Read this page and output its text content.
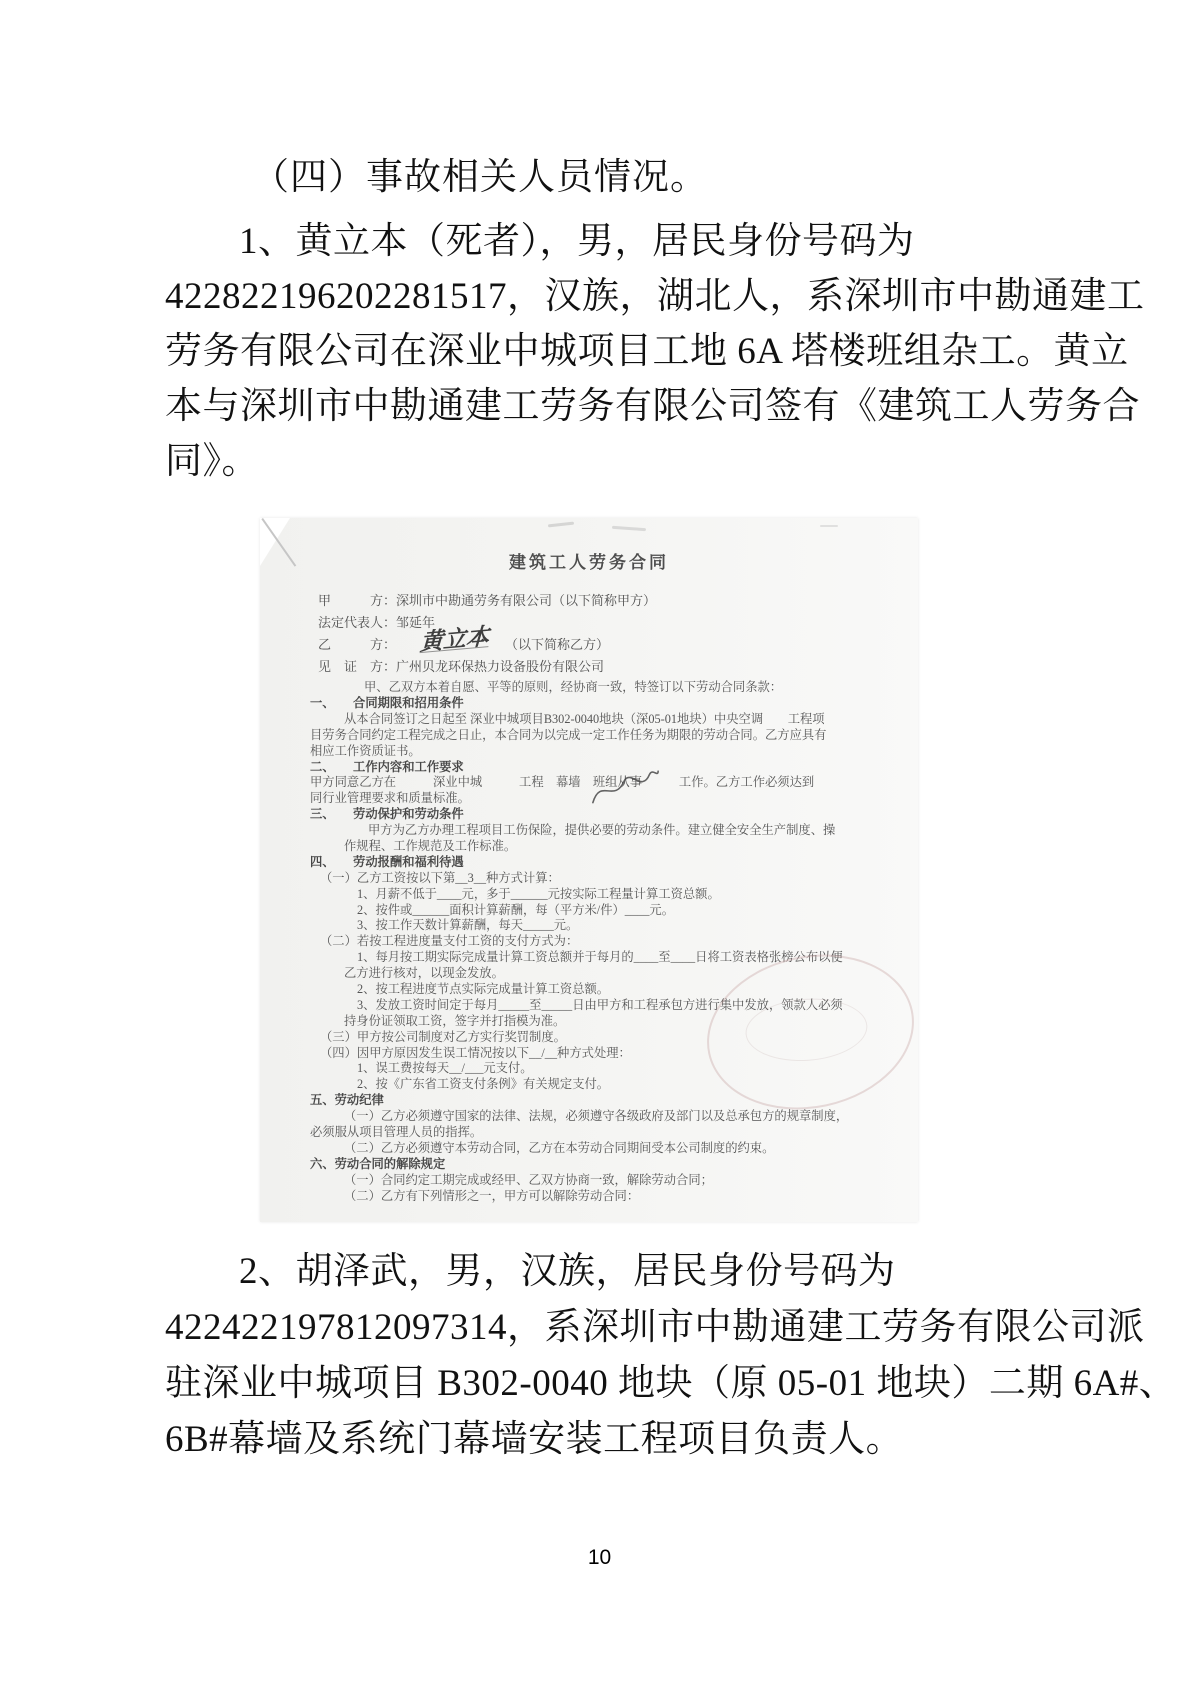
（四）事故相关人员情况。
1、黄立本（死者），男，居民身份号码为
422822196202281517，汉族，湖北人，系深圳市中勘通建工
劳务有限公司在深业中城项目工地 6A 塔楼班组杂工。黄立
本与深圳市中勘通建工劳务有限公司签有《建筑工人劳务合
同》。
建筑工人劳务合同
甲　　　方：深圳市中勘通劳务有限公司（以下简称甲方）
法定代表人：邹延年
乙　　　方： 黄立本 （以下简称乙方）
见　证　方：广州贝龙环保热力设备股份有限公司
甲、乙双方本着自愿、平等的原则，经协商一致，特签订以下劳动合同条款：
一、　　合同期限和招用条件
从本合同签订之日起至 深业中城项目B302-0040地块（深05-01地块）中央空调　　工程项
目劳务合同约定工程完成之日止，本合同为以完成一定工作任务为期限的劳动合同。乙方应具有
相应工作资质证书。
二、　　工作内容和工作要求
甲方同意乙方在　　　深业中城　　　工程　幕墙　班组从事　　　工作。乙方工作必须达到
同行业管理要求和质量标准。
三、　　劳动保护和劳动条件
甲方为乙方办理工程项目工伤保险，提供必要的劳动条件。建立健全安全生产制度、操
作规程、工作规范及工作标准。
四、　　劳动报酬和福利待遇
（一）乙方工资按以下第__3__种方式计算：
1、月薪不低于____元，多于______元按实际工程量计算工资总额。
2、按件或______面积计算薪酬，每（平方米/件）____元。
3、按工作天数计算薪酬，每天_____元。
（二）若按工程进度量支付工资的支付方式为：
1、每月按工期实际完成量计算工资总额并于每月的____至____日将工资表格张榜公布以便
乙方进行核对，以现金发放。
2、按工程进度节点实际完成量计算工资总额。
3、发放工资时间定于每月_____至_____日由甲方和工程承包方进行集中发放，领款人必须
持身份证领取工资，签字并打指模为准。
（三）甲方按公司制度对乙方实行奖罚制度。
（四）因甲方原因发生误工情况按以下__/__种方式处理：
1、误工费按每天__/___元支付。
2、按《广东省工资支付条例》有关规定支付。
五、劳动纪律
（一）乙方必须遵守国家的法律、法规，必须遵守各级政府及部门以及总承包方的规章制度，
必须服从项目管理人员的指挥。
（二）乙方必须遵守本劳动合同，乙方在本劳动合同期间受本公司制度的约束。
六、劳动合同的解除规定
（一）合同约定工期完成或经甲、乙双方协商一致，解除劳动合同；
（二）乙方有下列情形之一，甲方可以解除劳动合同：
2、胡泽武，男，汉族，居民身份号码为
422422197812097314，系深圳市中勘通建工劳务有限公司派
驻深业中城项目 B302-0040 地块（原 05-01 地块）二期 6A#、
6B#幕墙及系统门幕墙安装工程项目负责人。
10
